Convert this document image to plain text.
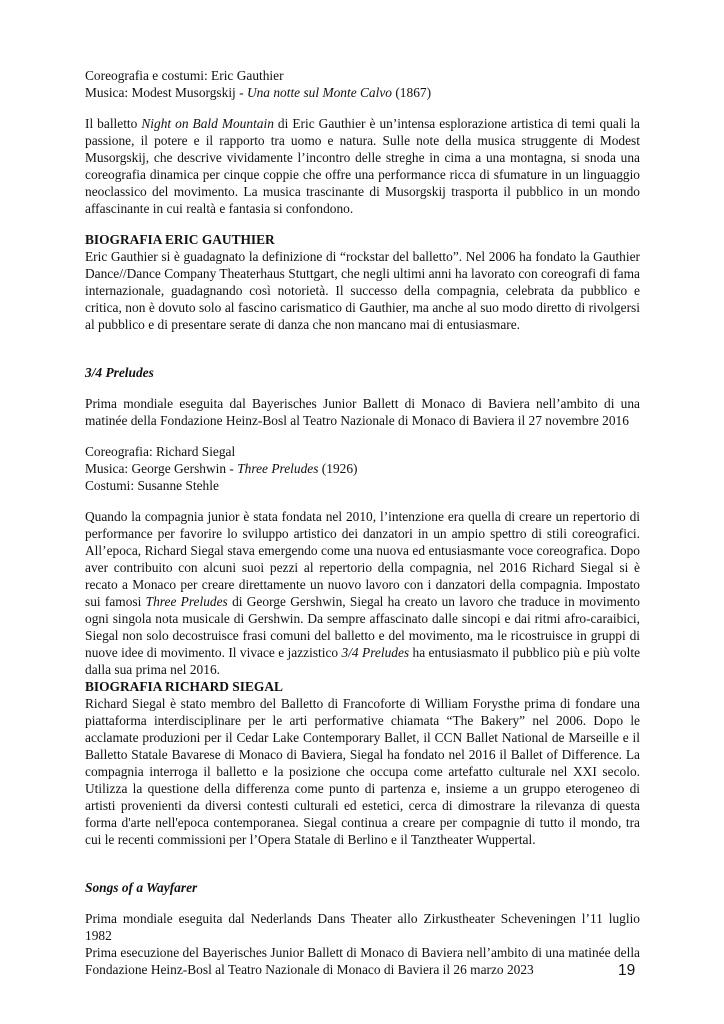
Coreografia e costumi: Eric Gauthier

Musica: Modest Musorgskij - Una notte sul Monte Calvo (1867)

Il balletto Night on Bald Mountain di Eric Gauthier è un’intensa esplorazione artistica di temi quali la passione, il potere e il rapporto tra uomo e natura. Sulle note della musica struggente di Modest Musorgskij, che descrive vividamente l’incontro delle streghe in cima a una montagna, si snoda una coreografia dinamica per cinque coppie che offre una performance ricca di sfumature in un linguaggio neoclassico del movimento. La musica trascinante di Musorgskij trasporta il pubblico in un mondo affascinante in cui realtà e fantasia si confondono.

BIOGRAFIA ERIC GAUTHIER

Eric Gauthier si è guadagnato la definizione di “rockstar del balletto”. Nel 2006 ha fondato la Gauthier Dance//Dance Company Theaterhaus Stuttgart, che negli ultimi anni ha lavorato con coreografi di fama internazionale, guadagnando così notorietà. Il successo della compagnia, celebrata da pubblico e critica, non è dovuto solo al fascino carismatico di Gauthier, ma anche al suo modo diretto di rivolgersi al pubblico e di presentare serate di danza che non mancano mai di entusiasmare.

3/4 Preludes

Prima mondiale eseguita dal Bayerisches Junior Ballett di Monaco di Baviera nell’ambito di una matinée della Fondazione Heinz-Bosl al Teatro Nazionale di Monaco di Baviera il 27 novembre 2016

Coreografia: Richard Siegal

Musica: George Gershwin - Three Preludes (1926)

Costumi: Susanne Stehle

Quando la compagnia junior è stata fondata nel 2010, l’intenzione era quella di creare un repertorio di performance per favorire lo sviluppo artistico dei danzatori in un ampio spettro di stili coreografici. All’epoca, Richard Siegal stava emergendo come una nuova ed entusiasmante voce coreografica. Dopo aver contribuito con alcuni suoi pezzi al repertorio della compagnia, nel 2016 Richard Siegal si è recato a Monaco per creare direttamente un nuovo lavoro con i danzatori della compagnia. Impostato sui famosi Three Preludes di George Gershwin, Siegal ha creato un lavoro che traduce in movimento ogni singola nota musicale di Gershwin. Da sempre affascinato dalle sincopi e dai ritmi afro-caraibici, Siegal non solo decostruisce frasi comuni del balletto e del movimento, ma le ricostruisce in gruppi di nuove idee di movimento. Il vivace e jazzistico 3/4 Preludes ha entusiasmato il pubblico più e più volte dalla sua prima nel 2016.

BIOGRAFIA RICHARD SIEGAL

Richard Siegal è stato membro del Balletto di Francoforte di William Forysthe prima di fondare una piattaforma interdisciplinare per le arti performative chiamata “The Bakery” nel 2006. Dopo le acclamate produzioni per il Cedar Lake Contemporary Ballet, il CCN Ballet National de Marseille e il Balletto Statale Bavarese di Monaco di Baviera, Siegal ha fondato nel 2016 il Ballet of Difference. La compagnia interroga il balletto e la posizione che occupa come artefatto culturale nel XXI secolo. Utilizza la questione della differenza come punto di partenza e, insieme a un gruppo eterogeneo di artisti provenienti da diversi contesti culturali ed estetici, cerca di dimostrare la rilevanza di questa forma d'arte nell'epoca contemporanea. Siegal continua a creare per compagnie di tutto il mondo, tra cui le recenti commissioni per l’Opera Statale di Berlino e il Tanztheater Wuppertal.

Songs of a Wayfarer

Prima mondiale eseguita dal Nederlands Dans Theater allo Zirkustheater Scheveningen l’11 luglio 1982

Prima esecuzione del Bayerisches Junior Ballett di Monaco di Baviera nell’ambito di una matinée della Fondazione Heinz-Bosl al Teatro Nazionale di Monaco di Baviera il 26 marzo 2023	19
